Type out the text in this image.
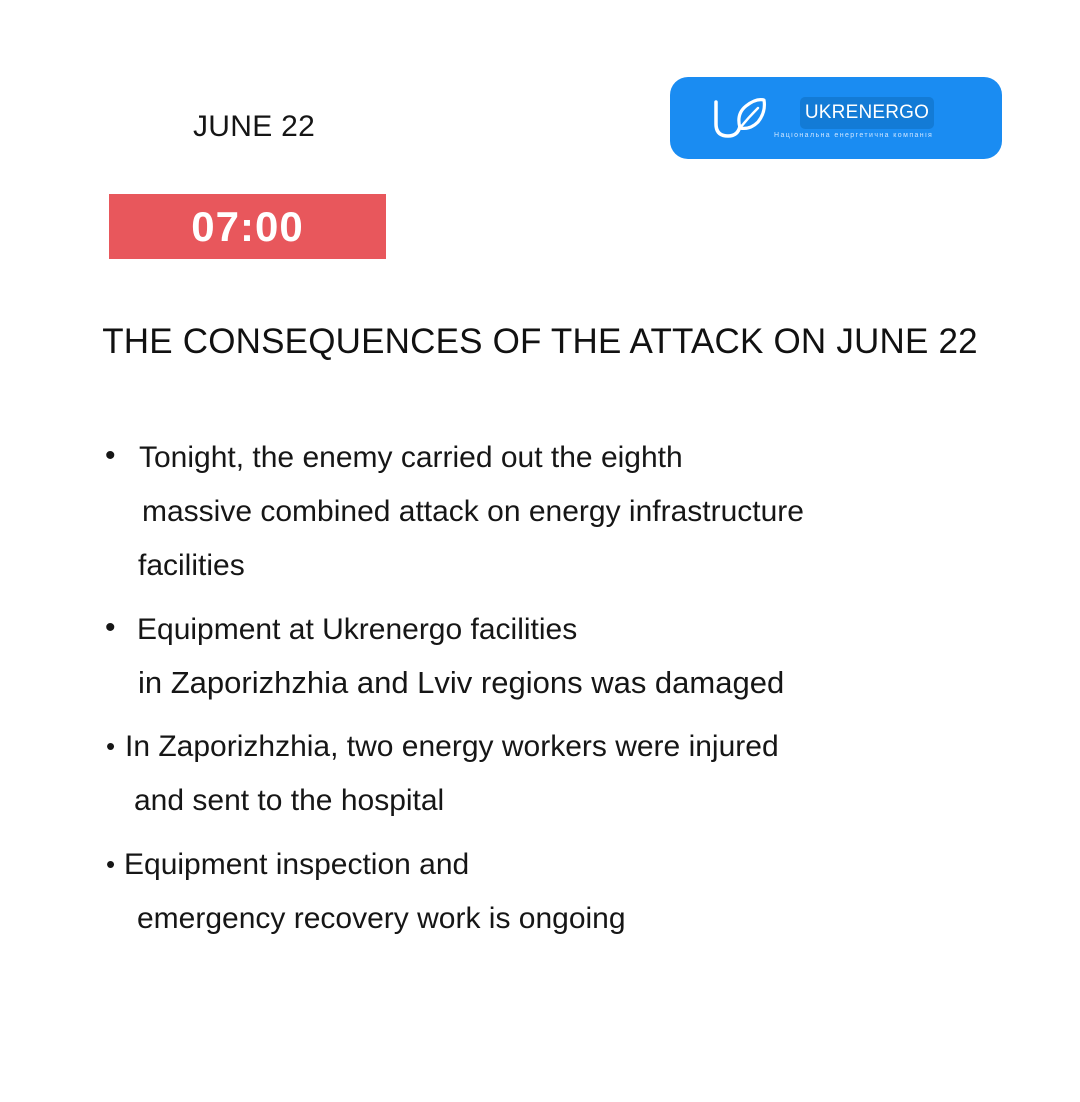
JUNE 22
07:00
UKRENERGO
Національна енергетична компанія
THE CONSEQUENCES OF THE ATTACK ON JUNE 22
• Tonight, the enemy carried out the eighth
massive combined attack on energy infrastructure
facilities
• Equipment at Ukrenergo facilities
in Zaporizhzhia and Lviv regions was damaged
• In Zaporizhzhia, two energy workers were injured
and sent to the hospital
• Equipment inspection and
emergency recovery work is ongoing
